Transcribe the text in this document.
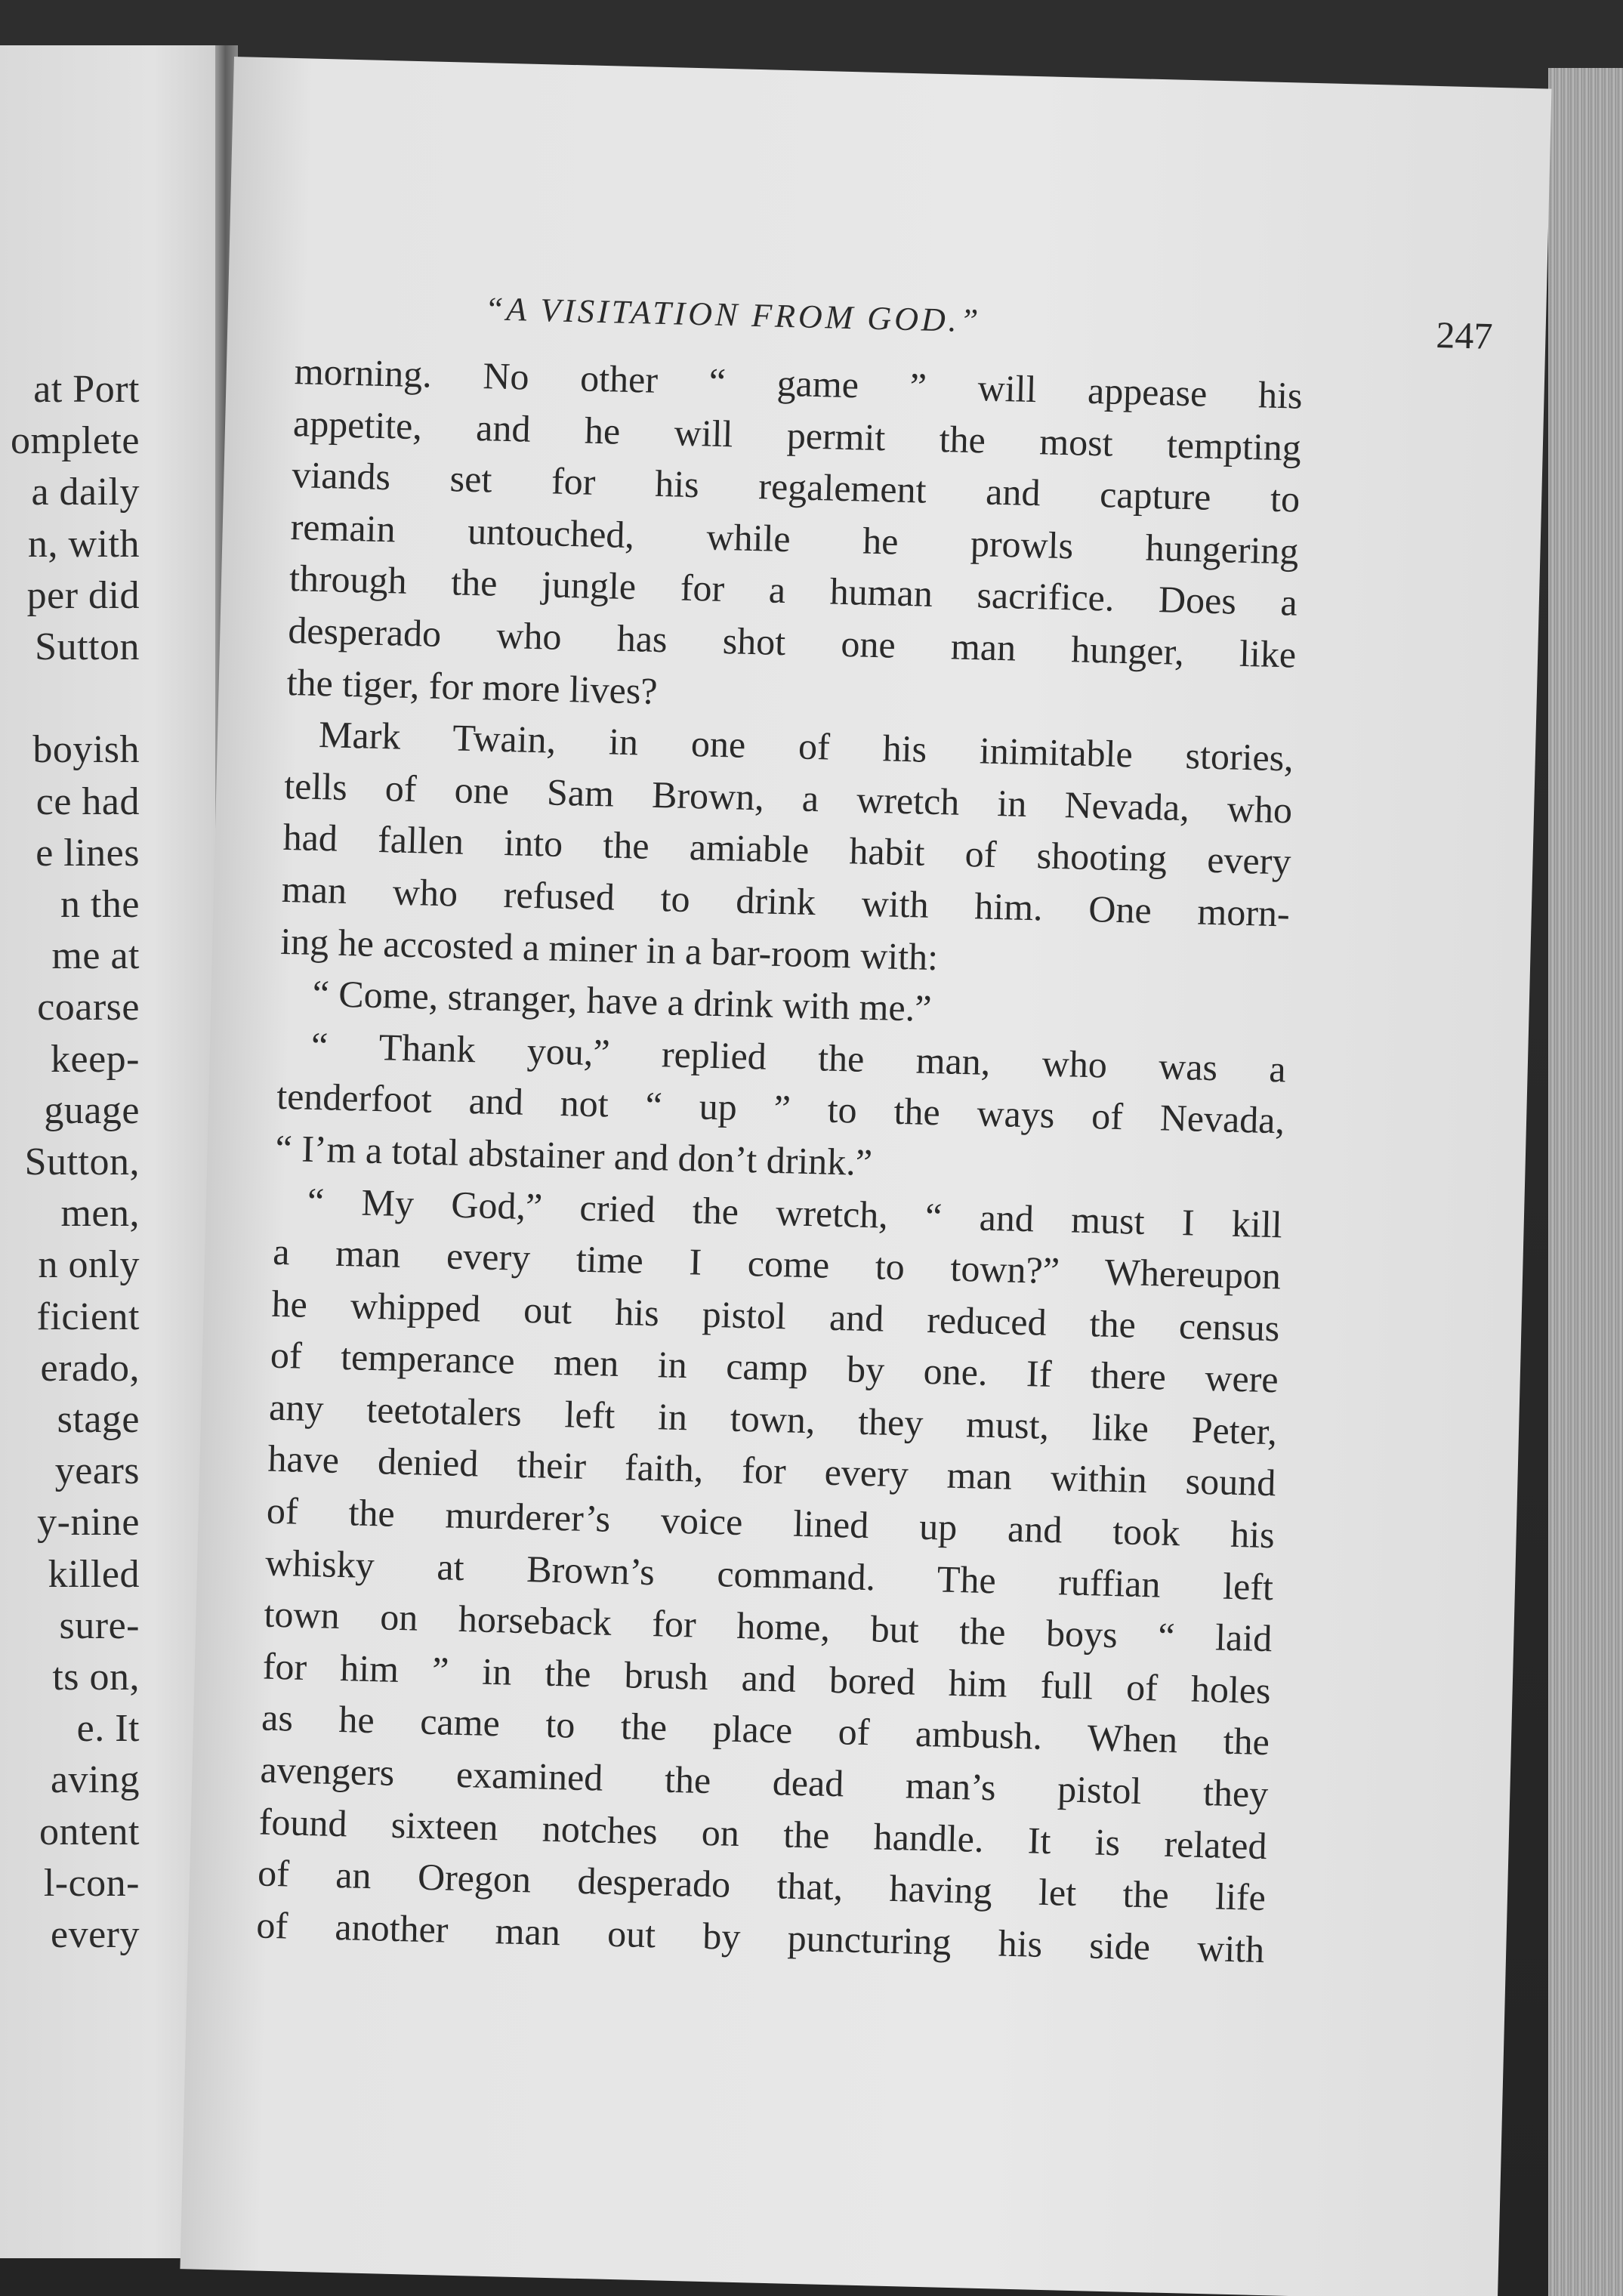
at Port
omplete
a daily
n, with
per did
Sutton
boyish
ce had
e lines
n the
me at
coarse
keep-
guage
Sutton,
men,
n only
ficient
erado,
stage
years
y-nine
killed
sure-
ts on,
e. It
aving
ontent
l-con-
every
“A VISITATION FROM GOD.”	247
morning. No other “ game ” will appease his
appetite, and he will permit the most tempting
viands set for his regalement and capture to
remain untouched, while he prowls hungering
through the jungle for a human sacrifice. Does a
desperado who has shot one man hunger, like
the tiger, for more lives?
Mark Twain, in one of his inimitable stories,
tells of one Sam Brown, a wretch in Nevada, who
had fallen into the amiable habit of shooting every
man who refused to drink with him. One morn-
ing he accosted a miner in a bar-room with:
“ Come, stranger, have a drink with me.”
“ Thank you,” replied the man, who was a
tenderfoot and not “ up ” to the ways of Nevada,
“ I’m a total abstainer and don’t drink.”
“ My God,” cried the wretch, “ and must I kill
a man every time I come to town?” Whereupon
he whipped out his pistol and reduced the census
of temperance men in camp by one. If there were
any teetotalers left in town, they must, like Peter,
have denied their faith, for every man within sound
of the murderer’s voice lined up and took his
whisky at Brown’s command. The ruffian left
town on horseback for home, but the boys “ laid
for him ” in the brush and bored him full of holes
as he came to the place of ambush. When the
avengers examined the dead man’s pistol they
found sixteen notches on the handle. It is related
of an Oregon desperado that, having let the life
of another man out by puncturing his side with
